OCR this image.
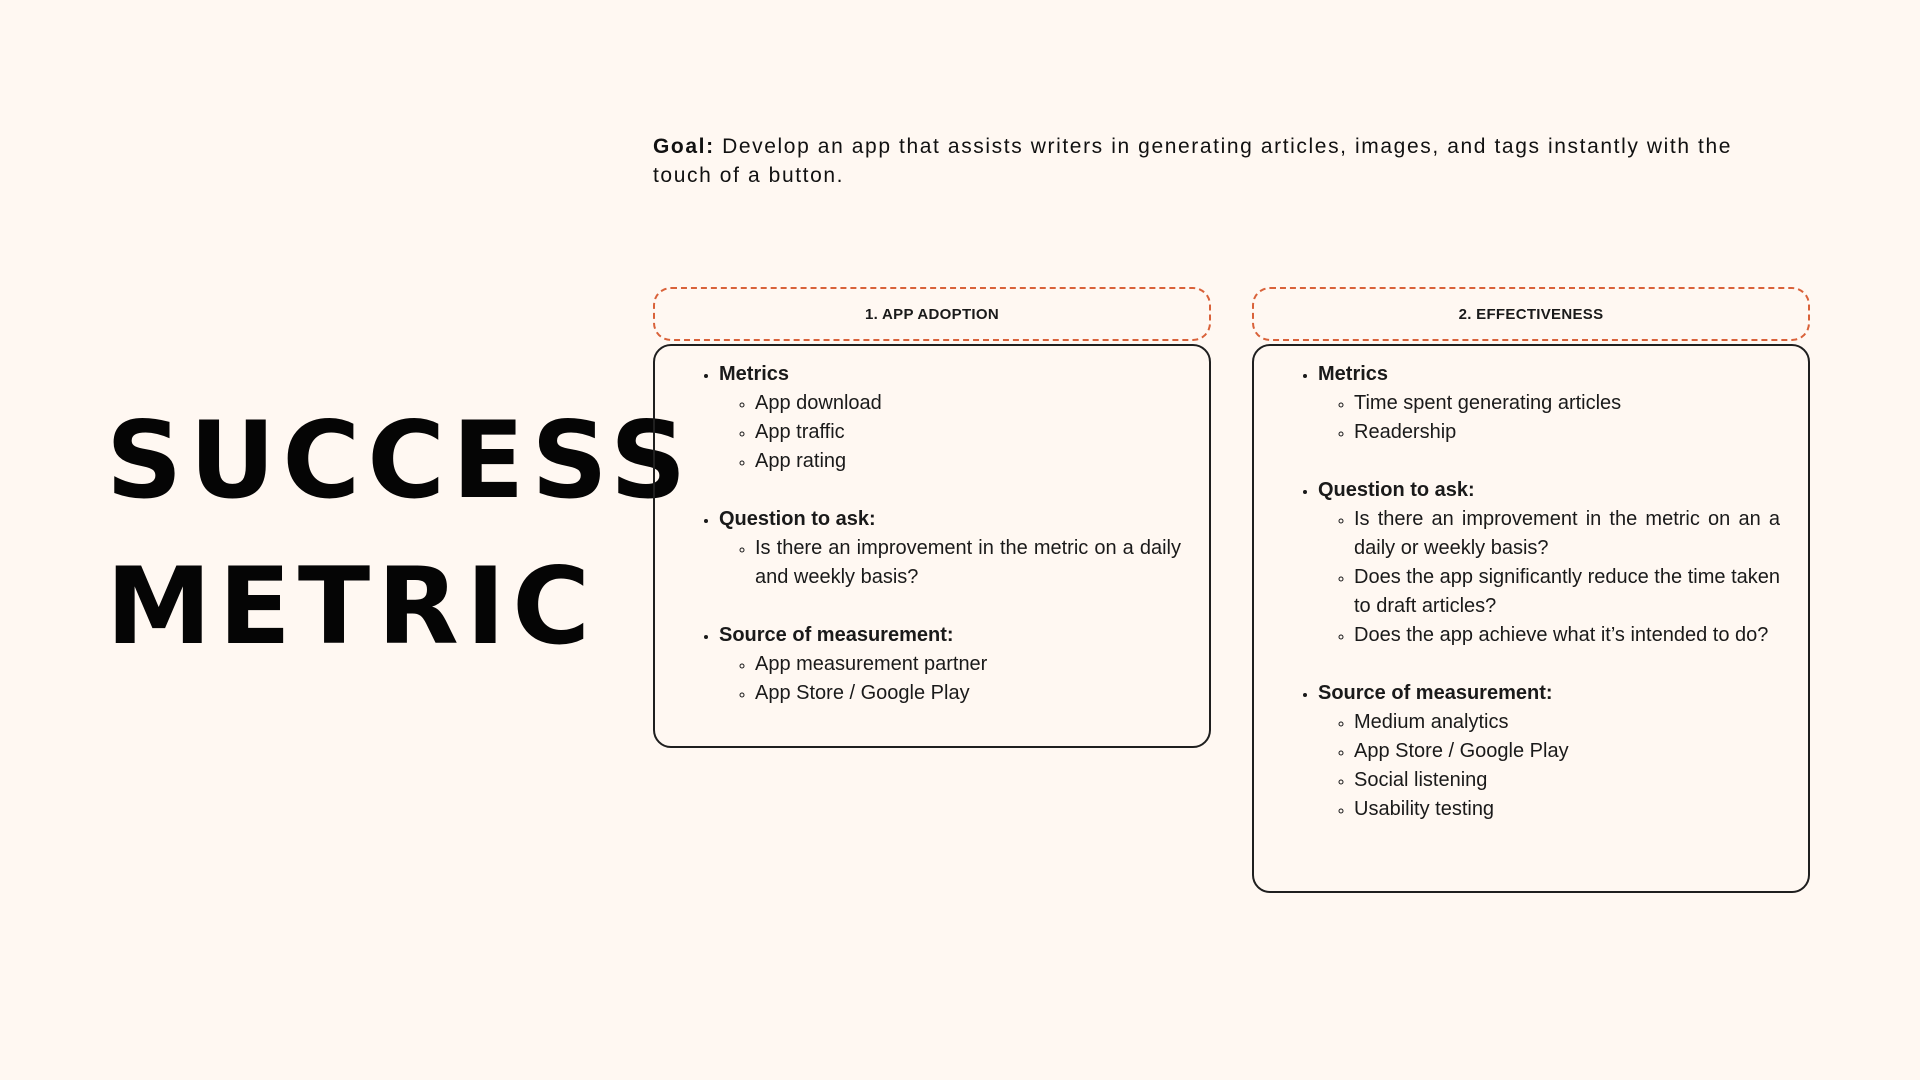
SUCCESS
METRIC
Goal: Develop an app that assists writers in generating articles, images, and tags instantly with the touch of a button.
1. APP ADOPTION
• Metrics
◦ App download
◦ App traffic
◦ App rating
• Question to ask:
◦ Is there an improvement in the metric on a daily and weekly basis?
• Source of measurement:
◦ App measurement partner
◦ App Store / Google Play
2. EFFECTIVENESS
• Metrics
◦ Time spent generating articles
◦ Readership
• Question to ask:
◦ Is there an improvement in the metric on an a daily or weekly basis?
◦ Does the app significantly reduce the time taken to draft articles?
◦ Does the app achieve what it’s intended to do?
• Source of measurement:
◦ Medium analytics
◦ App Store / Google Play
◦ Social listening
◦ Usability testing
